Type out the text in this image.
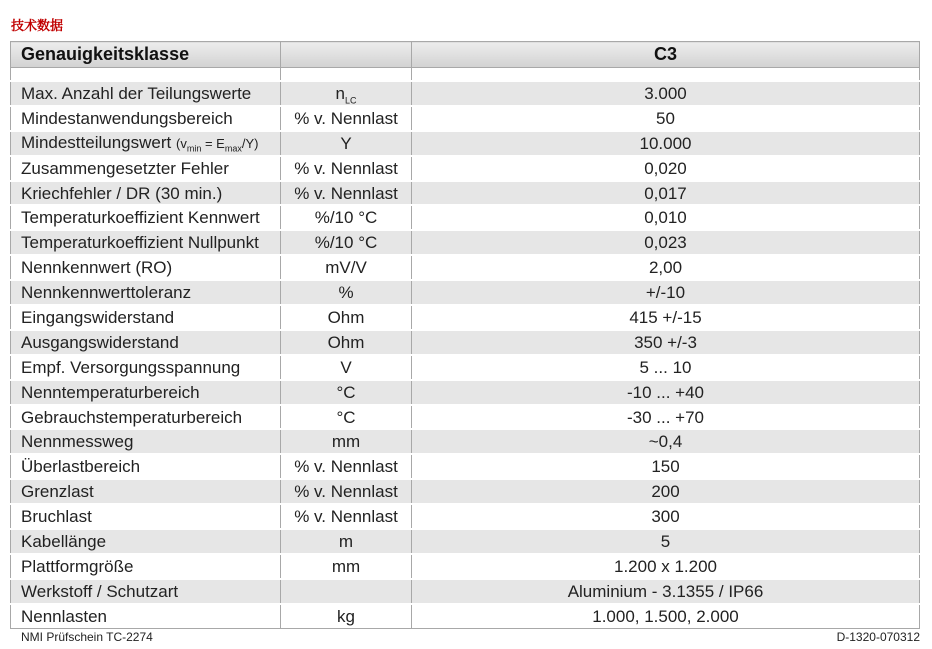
技术数据
Genauigkeitsklasse		C3

Max. Anzahl der Teilungswerte	$n_{LC}$	3.000
Mindestanwendungsbereich	% v. Nennlast	50
Mindestteilungswert $(v_{min} = E_{max}/Y)$	Y	10.000
Zusammengesetzter Fehler	% v. Nennlast	0,020
Kriechfehler / DR (30 min.)	% v. Nennlast	0,017
Temperaturkoeffizient Kennwert	%/10 °C	0,010
Temperaturkoeffizient Nullpunkt	%/10 °C	0,023
Nennkennwert (RO)	mV/V	2,00
Nennkennwerttoleranz	%	+/-10
Eingangswiderstand	Ohm	415 +/-15
Ausgangswiderstand	Ohm	350 +/-3
Empf. Versorgungsspannung	V	5 ... 10
Nenntemperaturbereich	°C	-10 ... +40
Gebrauchstemperaturbereich	°C	-30 ... +70
Nennmessweg	mm	~0,4
Überlastbereich	% v. Nennlast	150
Grenzlast	% v. Nennlast	200
Bruchlast	% v. Nennlast	300
Kabellänge	m	5
Plattformgröße	mm	1.200 x 1.200
Werkstoff / Schutzart		Aluminium - 3.1355 / IP66
Nennlasten	kg	1.000, 1.500, 2.000
NMI Prüfschein TC-2274	D-1320-070312
